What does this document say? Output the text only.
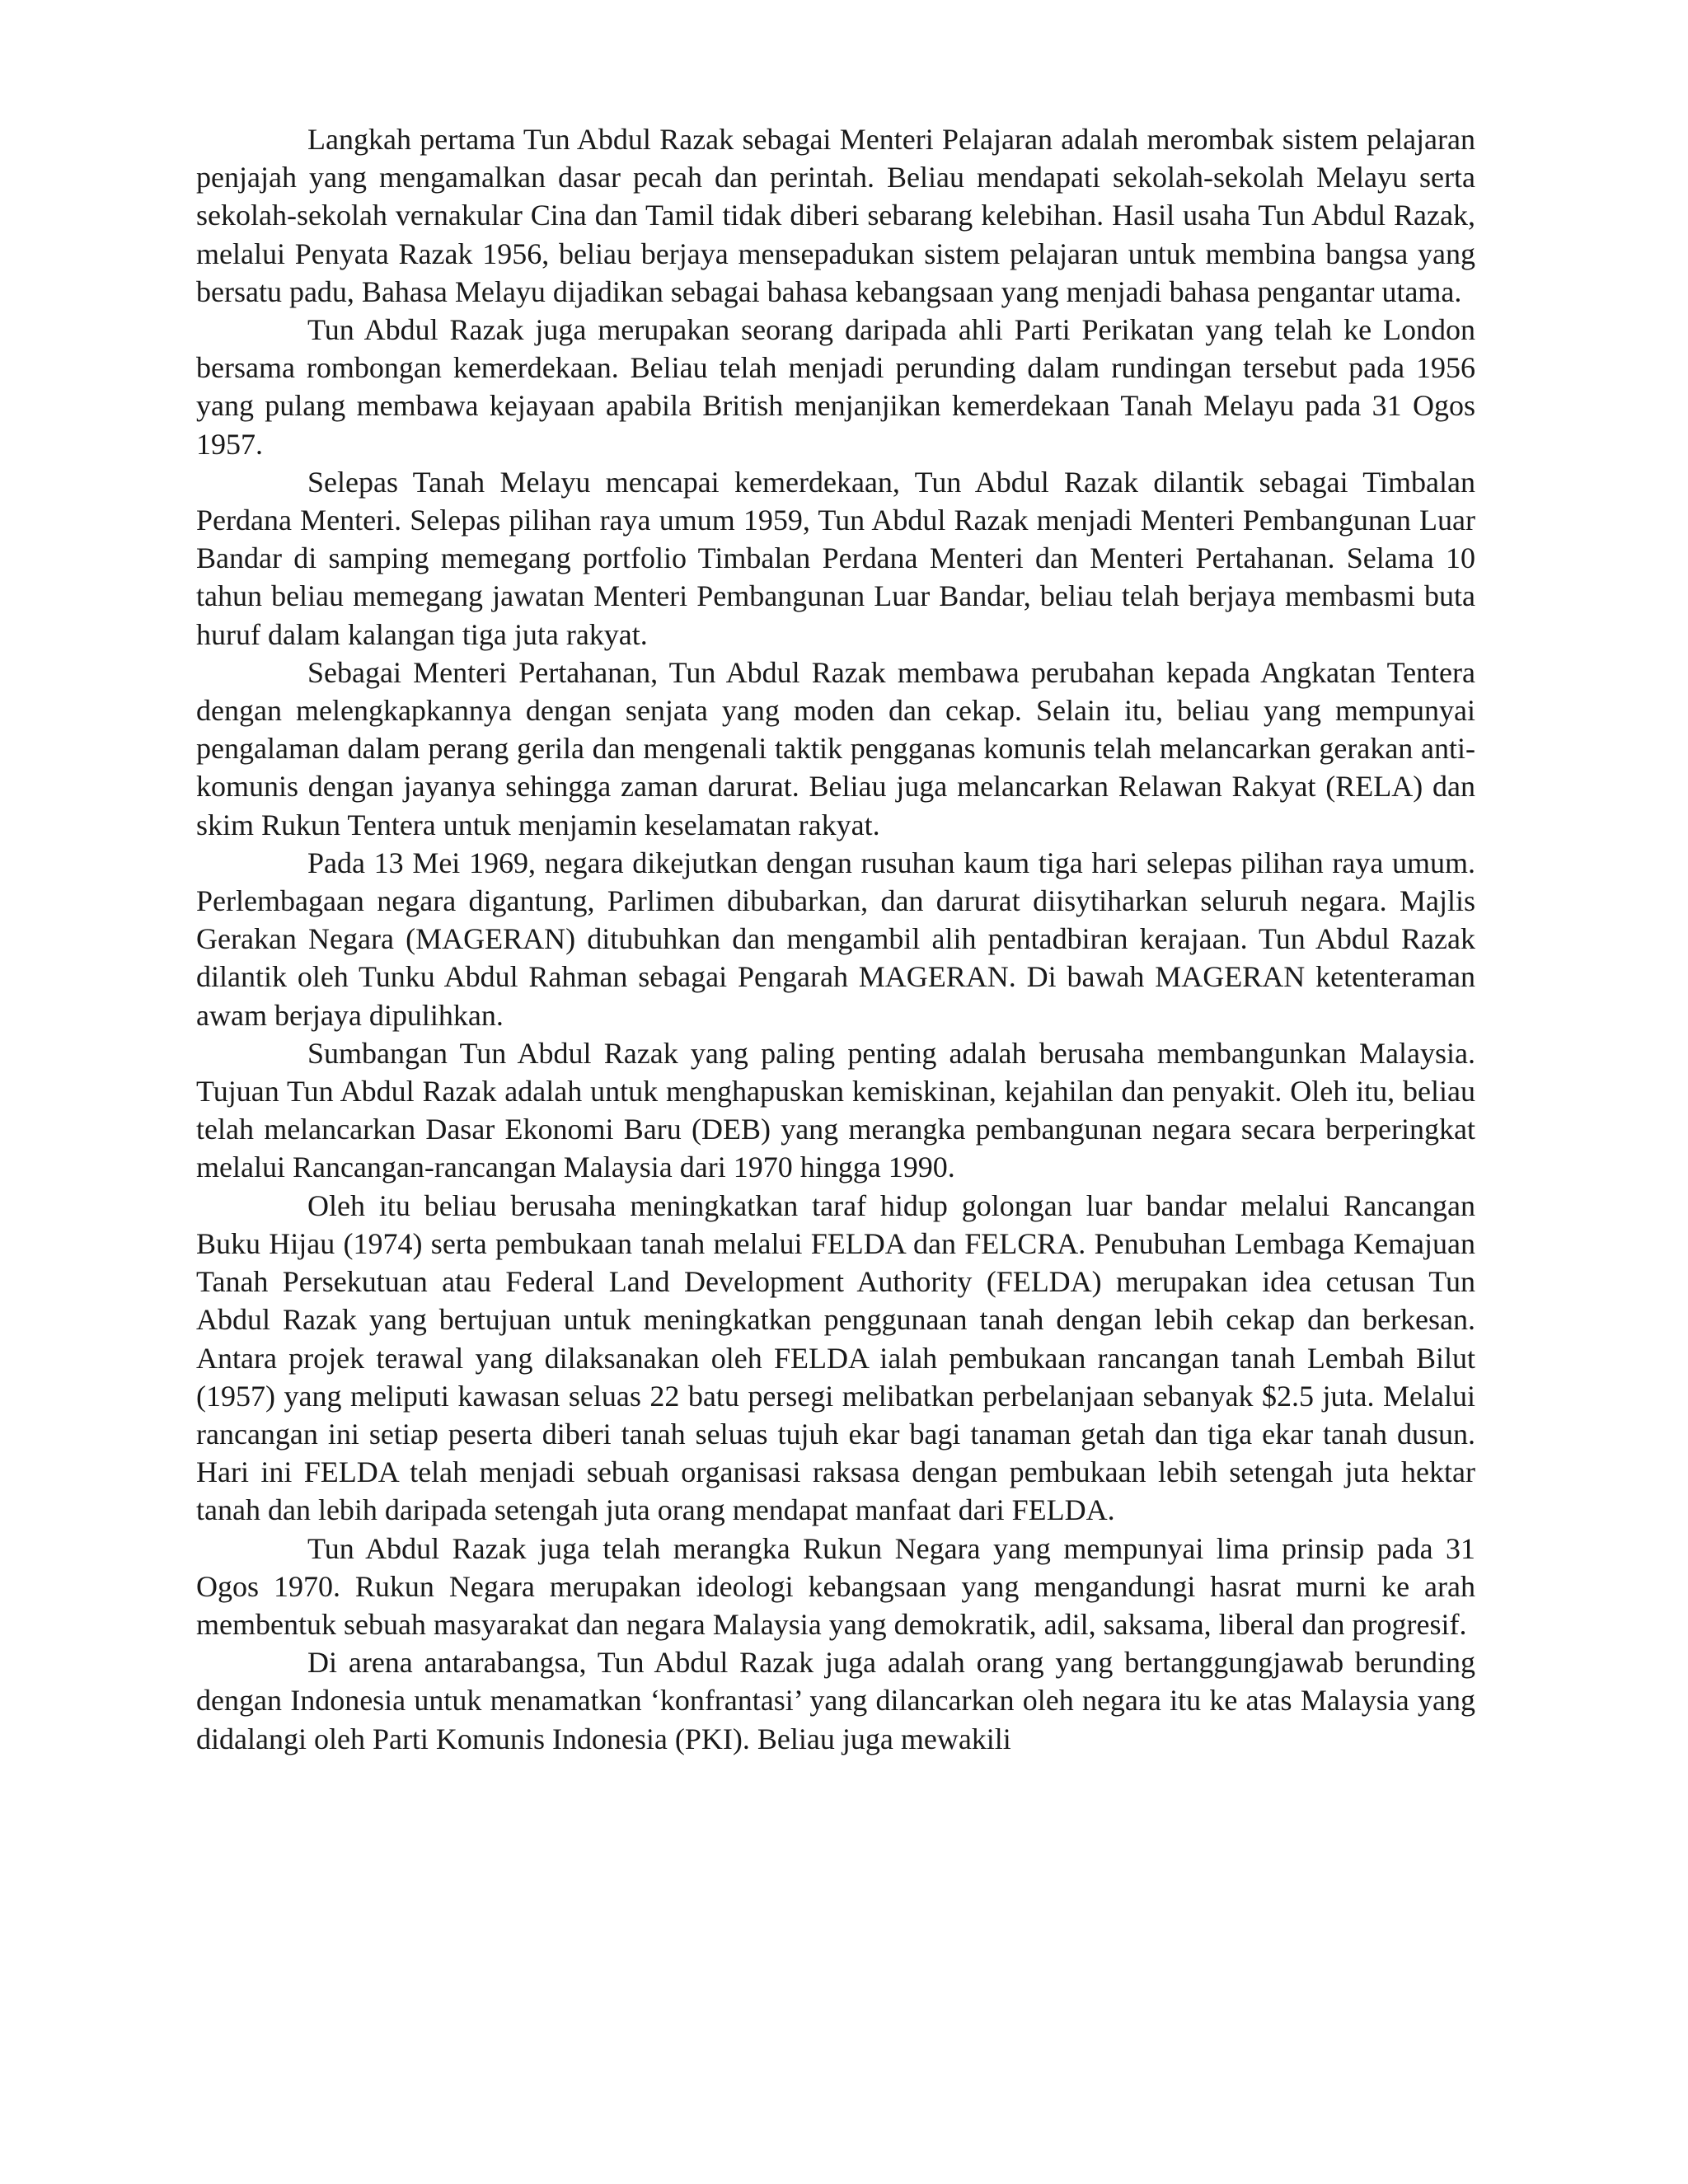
Langkah pertama Tun Abdul Razak sebagai Menteri Pelajaran adalah merombak sistem pelajaran penjajah yang mengamalkan dasar pecah dan perintah. Beliau mendapati sekolah-sekolah Melayu serta sekolah-sekolah vernakular Cina dan Tamil tidak diberi sebarang kelebihan. Hasil usaha Tun Abdul Razak, melalui Penyata Razak 1956, beliau berjaya mensepadukan sistem pelajaran untuk membina bangsa yang bersatu padu, Bahasa Melayu dijadikan sebagai bahasa kebangsaan yang menjadi bahasa pengantar utama.

Tun Abdul Razak juga merupakan seorang daripada ahli Parti Perikatan yang telah ke London bersama rombongan kemerdekaan. Beliau telah menjadi perunding dalam rundingan tersebut pada 1956 yang pulang membawa kejayaan apabila British menjanjikan kemerdekaan Tanah Melayu pada 31 Ogos 1957.

Selepas Tanah Melayu mencapai kemerdekaan, Tun Abdul Razak dilantik sebagai Timbalan Perdana Menteri. Selepas pilihan raya umum 1959, Tun Abdul Razak menjadi Menteri Pembangunan Luar Bandar di samping memegang portfolio Timbalan Perdana Menteri dan Menteri Pertahanan. Selama 10 tahun beliau memegang jawatan Menteri Pembangunan Luar Bandar, beliau telah berjaya membasmi buta huruf dalam kalangan tiga juta rakyat.

Sebagai Menteri Pertahanan, Tun Abdul Razak membawa perubahan kepada Angkatan Tentera dengan melengkapkannya dengan senjata yang moden dan cekap. Selain itu, beliau yang mempunyai pengalaman dalam perang gerila dan mengenali taktik pengganas komunis telah melancarkan gerakan anti-komunis dengan jayanya sehingga zaman darurat. Beliau juga melancarkan Relawan Rakyat (RELA) dan skim Rukun Tentera untuk menjamin keselamatan rakyat.

Pada 13 Mei 1969, negara dikejutkan dengan rusuhan kaum tiga hari selepas pilihan raya umum. Perlembagaan negara digantung, Parlimen dibubarkan, dan darurat diisytiharkan seluruh negara. Majlis Gerakan Negara (MAGERAN) ditubuhkan dan mengambil alih pentadbiran kerajaan. Tun Abdul Razak dilantik oleh Tunku Abdul Rahman sebagai Pengarah MAGERAN. Di bawah MAGERAN ketenteraman awam berjaya dipulihkan.

Sumbangan Tun Abdul Razak yang paling penting adalah berusaha membangunkan Malaysia. Tujuan Tun Abdul Razak adalah untuk menghapuskan kemiskinan, kejahilan dan penyakit. Oleh itu, beliau telah melancarkan Dasar Ekonomi Baru (DEB) yang merangka pembangunan negara secara berperingkat melalui Rancangan-rancangan Malaysia dari 1970 hingga 1990.

Oleh itu beliau berusaha meningkatkan taraf hidup golongan luar bandar melalui Rancangan Buku Hijau (1974) serta pembukaan tanah melalui FELDA dan FELCRA. Penubuhan Lembaga Kemajuan Tanah Persekutuan atau Federal Land Development Authority (FELDA) merupakan idea cetusan Tun Abdul Razak yang bertujuan untuk meningkatkan penggunaan tanah dengan lebih cekap dan berkesan. Antara projek terawal yang dilaksanakan oleh FELDA ialah pembukaan rancangan tanah Lembah Bilut (1957) yang meliputi kawasan seluas 22 batu persegi melibatkan perbelanjaan sebanyak $2.5 juta. Melalui rancangan ini setiap peserta diberi tanah seluas tujuh ekar bagi tanaman getah dan tiga ekar tanah dusun. Hari ini FELDA telah menjadi sebuah organisasi raksasa dengan pembukaan lebih setengah juta hektar tanah dan lebih daripada setengah juta orang mendapat manfaat dari FELDA.

Tun Abdul Razak juga telah merangka Rukun Negara yang mempunyai lima prinsip pada 31 Ogos 1970. Rukun Negara merupakan ideologi kebangsaan yang mengandungi hasrat murni ke arah membentuk sebuah masyarakat dan negara Malaysia yang demokratik, adil, saksama, liberal dan progresif.

Di arena antarabangsa, Tun Abdul Razak juga adalah orang yang bertanggungjawab berunding dengan Indonesia untuk menamatkan ‘konfrantasi’ yang dilancarkan oleh negara itu ke atas Malaysia yang didalangi oleh Parti Komunis Indonesia (PKI). Beliau juga mewakili
